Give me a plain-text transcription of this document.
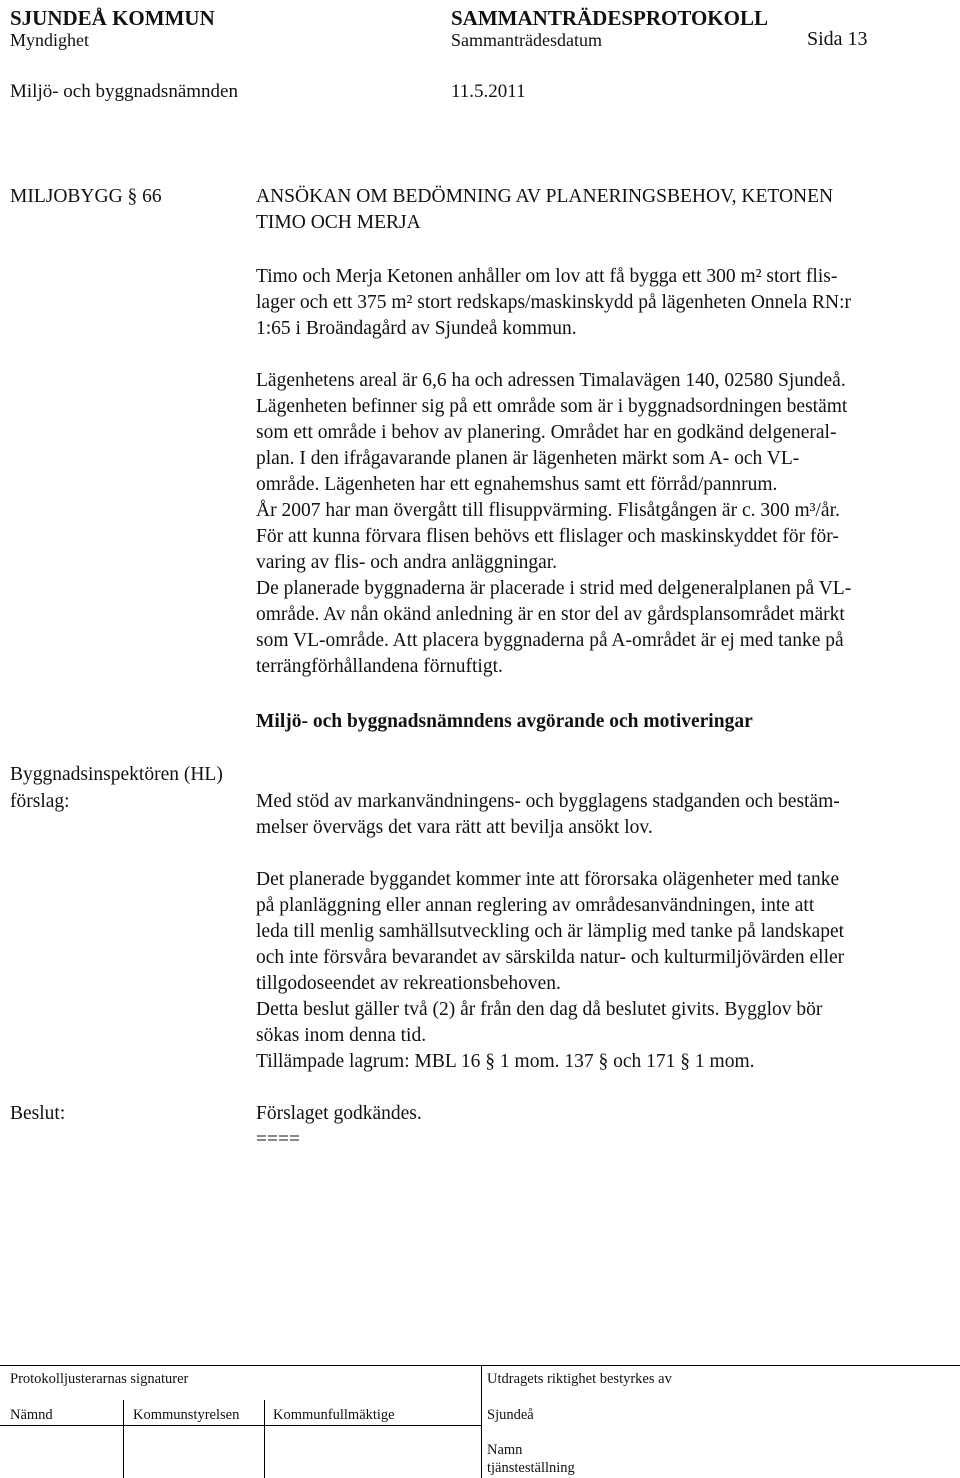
SJUNDEÅ KOMMUN	SAMMANTRÄDESPROTOKOLL
Myndighet	Sammanträdesdatum	Sida 13
Miljö- och byggnadsnämnden	11.5.2011
MILJOBYGG § 66	ANSÖKAN OM BEDÖMNING AV PLANERINGSBEHOV, KETONEN

TIMO OCH MERJA

Timo och Merja Ketonen anhåller om lov att få bygga ett 300 m² stort flis-

lager och ett 375 m² stort redskaps/maskinskydd på lägenheten Onnela RN:r

1:65 i Broändagård av Sjundeå kommun.

Lägenhetens areal är 6,6 ha och adressen Timalavägen 140, 02580 Sjundeå.

Lägenheten befinner sig på ett område som är i byggnadsordningen bestämt

som ett område i behov av planering. Området har en godkänd delgeneral-

plan. I den ifrågavarande planen är lägenheten märkt som A- och VL-

område. Lägenheten har ett egnahemshus samt ett förråd/pannrum.

År 2007 har man övergått till flisuppvärming. Flisåtgången är c. 300 m³/år.

För att kunna förvara flisen behövs ett flislager och maskinskyddet för för-

varing av flis- och andra anläggningar.

De planerade byggnaderna är placerade i strid med delgeneralplanen på VL-

område. Av nån okänd anledning är en stor del av gårdsplansområdet märkt

som VL-område. Att placera byggnaderna på A-området är ej med tanke på

terrängförhållandena förnuftigt.

Miljö- och byggnadsnämndens avgörande och motiveringar
Byggnadsinspektören (HL)
förslag:	Med stöd av markanvändningens- och bygglagens stadganden och bestäm-

melser övervägs det vara rätt att bevilja ansökt lov.

Det planerade byggandet kommer inte att förorsaka olägenheter med tanke

på planläggning eller annan reglering av områdesanvändningen, inte att

leda till menlig samhällsutveckling och är lämplig med tanke på landskapet

och inte försvåra bevarandet av särskilda natur- och kulturmiljövärden eller

tillgodoseendet av rekreationsbehoven.

Detta beslut gäller två (2) år från den dag då beslutet givits. Bygglov bör

sökas inom denna tid.

Tillämpade lagrum: MBL 16 § 1 mom. 137 § och 171 § 1 mom.

Beslut:	Förslaget godkändes.
====
Protokolljusterarnas signaturer	Utdragets riktighet bestyrkes av
Nämnd	Kommunstyrelsen Kommunfullmäktige	Sjundeå
Namn
tjänsteställning
